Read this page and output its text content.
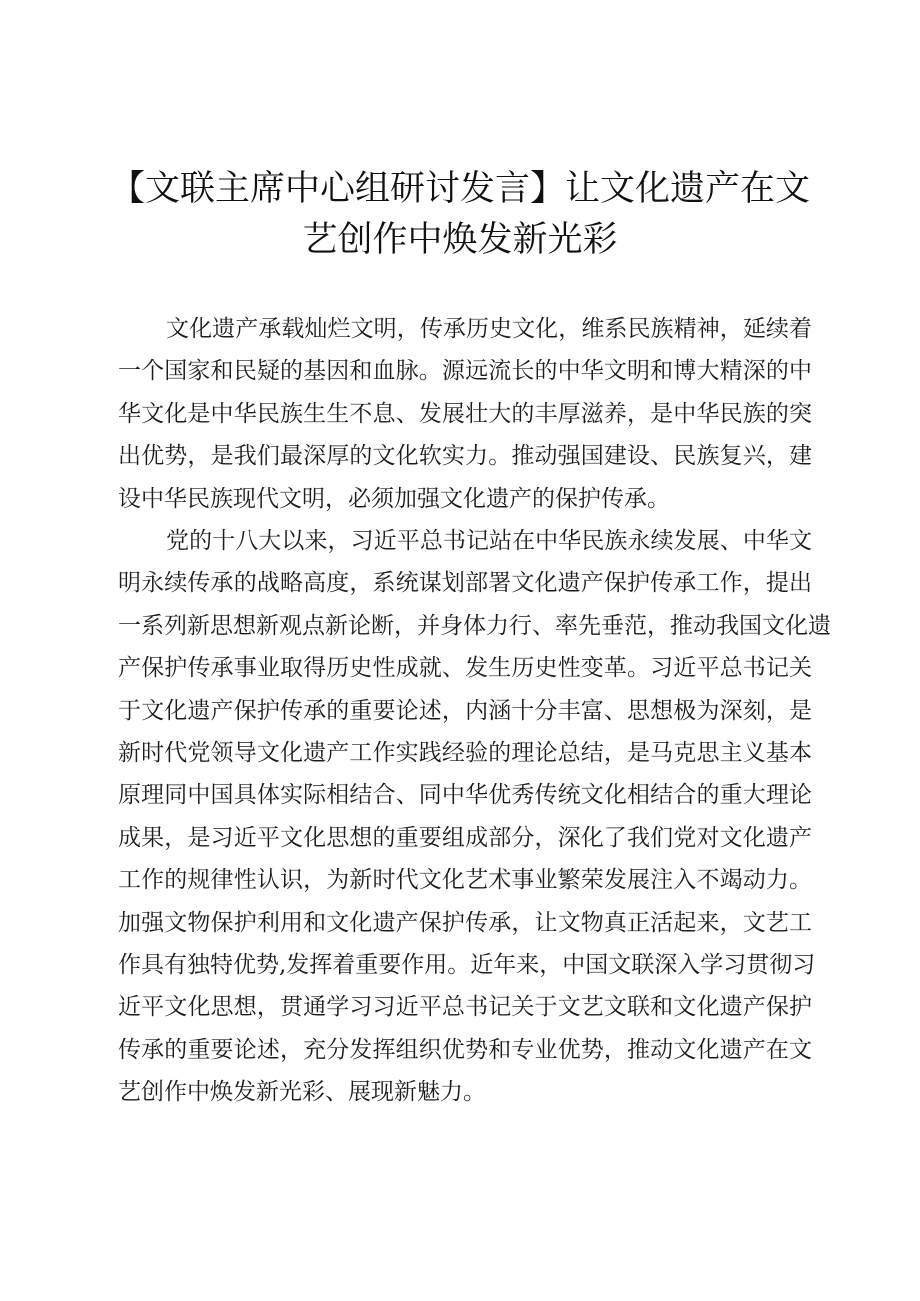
【文联主席中心组研讨发言】让文化遗产在文
艺创作中焕发新光彩
文化遗产承载灿烂文明，传承历史文化，维系民族精神，延续着
一个国家和民疑的基因和血脉。源远流长的中华文明和博大精深的中
华文化是中华民族生生不息、发展壮大的丰厚滋养，是中华民族的突
出优势，是我们最深厚的文化软实力。推动强国建设、民族复兴，建
设中华民族现代文明，必须加强文化遗产的保护传承。
党的十八大以来，习近平总书记站在中华民族永续发展、中华文
明永续传承的战略高度，系统谋划部署文化遗产保护传承工作，提出
一系列新思想新观点新论断，并身体力行、率先垂范，推动我国文化遗
产保护传承事业取得历史性成就、发生历史性变革。习近平总书记关
于文化遗产保护传承的重要论述，内涵十分丰富、思想极为深刻，是
新时代党领导文化遗产工作实践经验的理论总结，是马克思主义基本
原理同中国具体实际相结合、同中华优秀传统文化相结合的重大理论
成果，是习近平文化思想的重要组成部分，深化了我们党对文化遗产
工作的规律性认识，为新时代文化艺术事业繁荣发展注入不竭动力。
加强文物保护利用和文化遗产保护传承，让文物真正活起来，文艺工
作具有独特优势,发挥着重要作用。近年来，中国文联深入学习贯彻习
近平文化思想，贯通学习习近平总书记关于文艺文联和文化遗产保护
传承的重要论述，充分发挥组织优势和专业优势，推动文化遗产在文
艺创作中焕发新光彩、展现新魅力。
